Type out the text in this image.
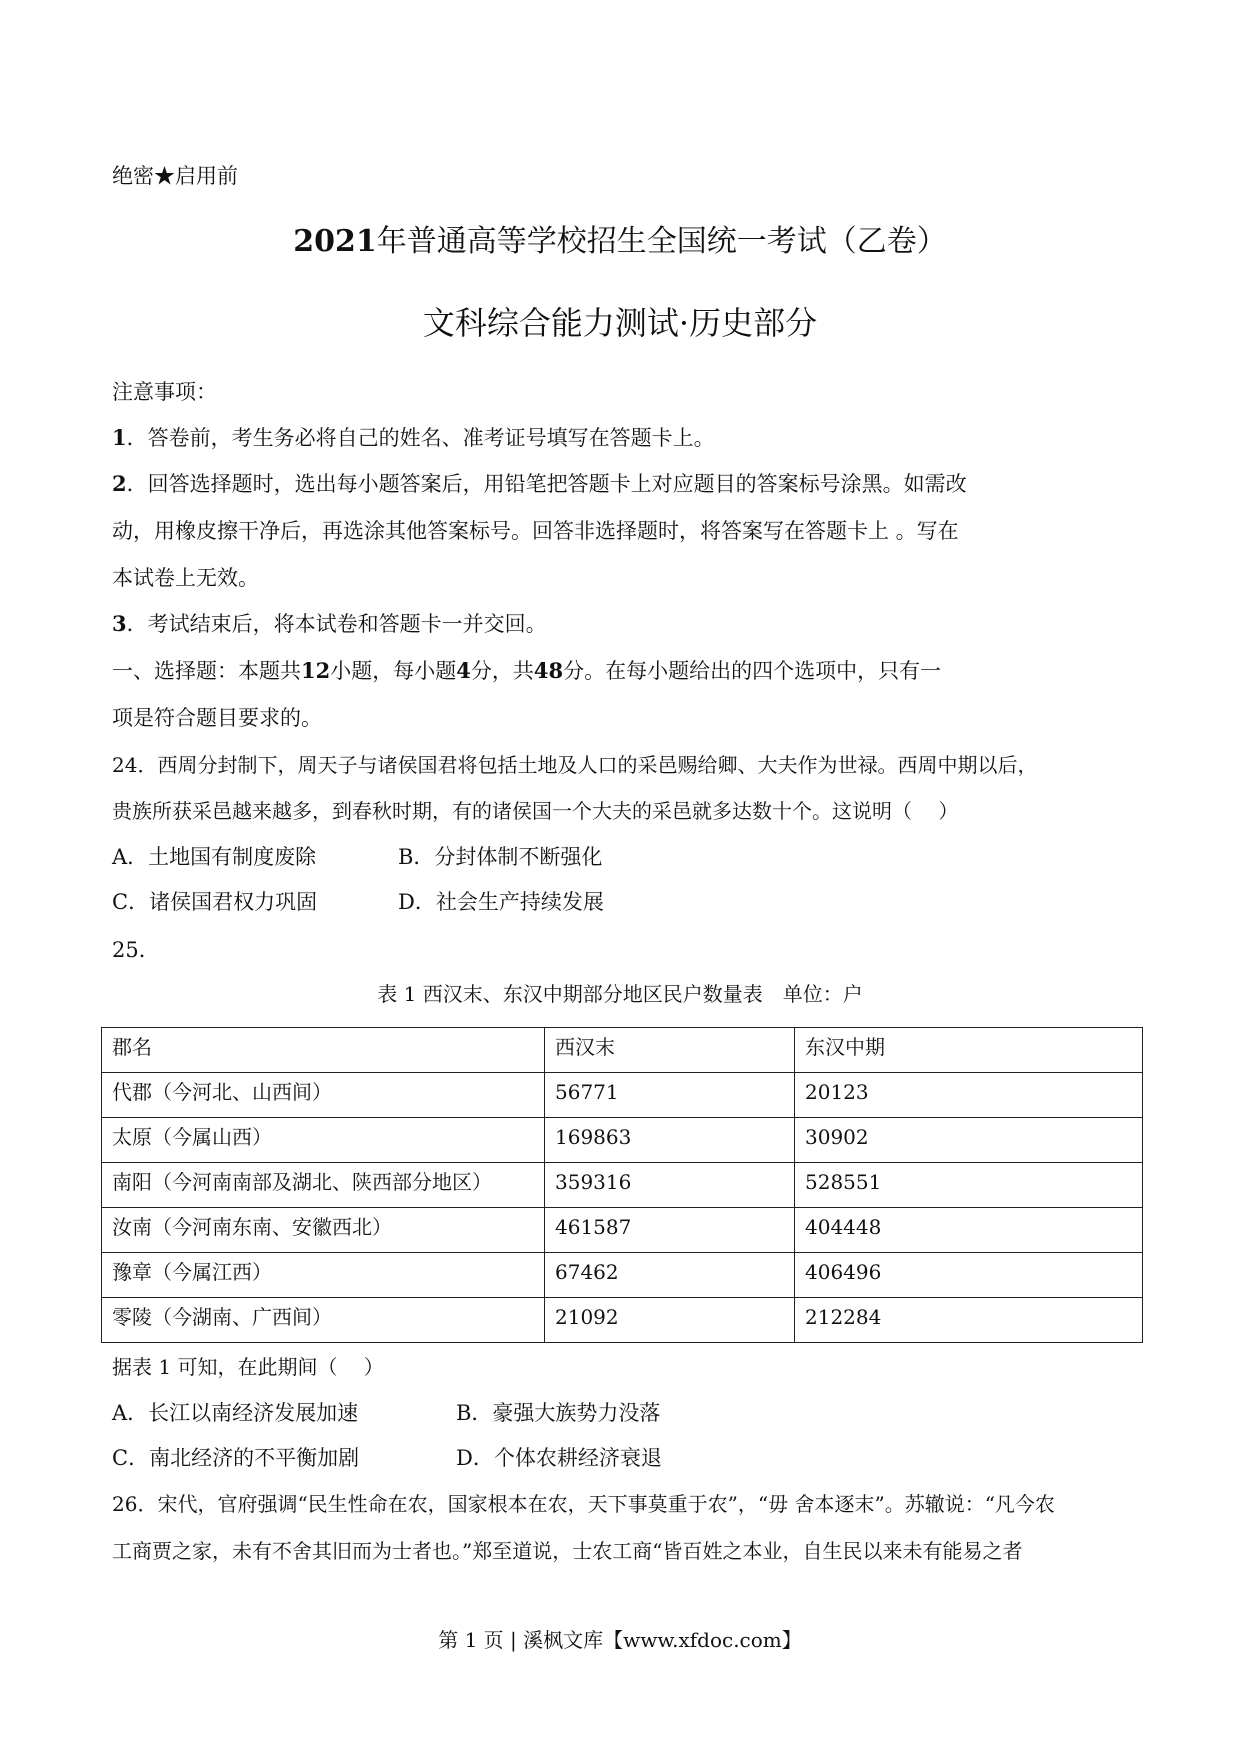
绝密★启用前
2021年普通高等学校招生全国统一考试（乙卷）
文科综合能力测试·历史部分
注意事项：
1．答卷前，考生务必将自己的姓名、准考证号填写在答题卡上。
2．回答选择题时，选出每小题答案后，用铅笔把答题卡上对应题目的答案标号涂黑。如需改
动，用橡皮擦干净后，再选涂其他答案标号。回答非选择题时，将答案写在答题卡上 。写在
本试卷上无效。
3．考试结束后，将本试卷和答题卡一并交回。
一、选择题：本题共12小题，每小题4分，共48分。在每小题给出的四个选项中，只有一
项是符合题目要求的。
24．西周分封制下，周天子与诸侯国君将包括土地及人口的采邑赐给卿、大夫作为世禄。西周中期以后，
贵族所获采邑越来越多，到春秋时期，有的诸侯国一个大夫的采邑就多达数十个。这说明（　 ）
A．土地国有制度废除	B．分封体制不断强化
C．诸侯国君权力巩固	D．社会生产持续发展
25．
表 1 西汉末、东汉中期部分地区民户数量表　单位：户
郡名	西汉末	东汉中期
代郡（今河北、山西间）	56771	20123
太原（今属山西）	169863	30902
南阳（今河南南部及湖北、陕西部分地区）	359316	528551
汝南（今河南东南、安徽西北）	461587	404448
豫章（今属江西）	67462	406496
零陵（今湖南、广西间）	21092	212284
据表 1 可知，在此期间（　 ）
A．长江以南经济发展加速	B．豪强大族势力没落
C．南北经济的不平衡加剧	D．个体农耕经济衰退
26．宋代，官府强调“民生性命在农，国家根本在农，天下事莫重于农”，“毋 舍本逐末”。苏辙说：“凡今农
工商贾之家，未有不舍其旧而为士者也。”郑至道说，士农工商“皆百姓之本业，自生民以来未有能易之者
第 1 页 | 溪枫文库【www.xfdoc.com】
